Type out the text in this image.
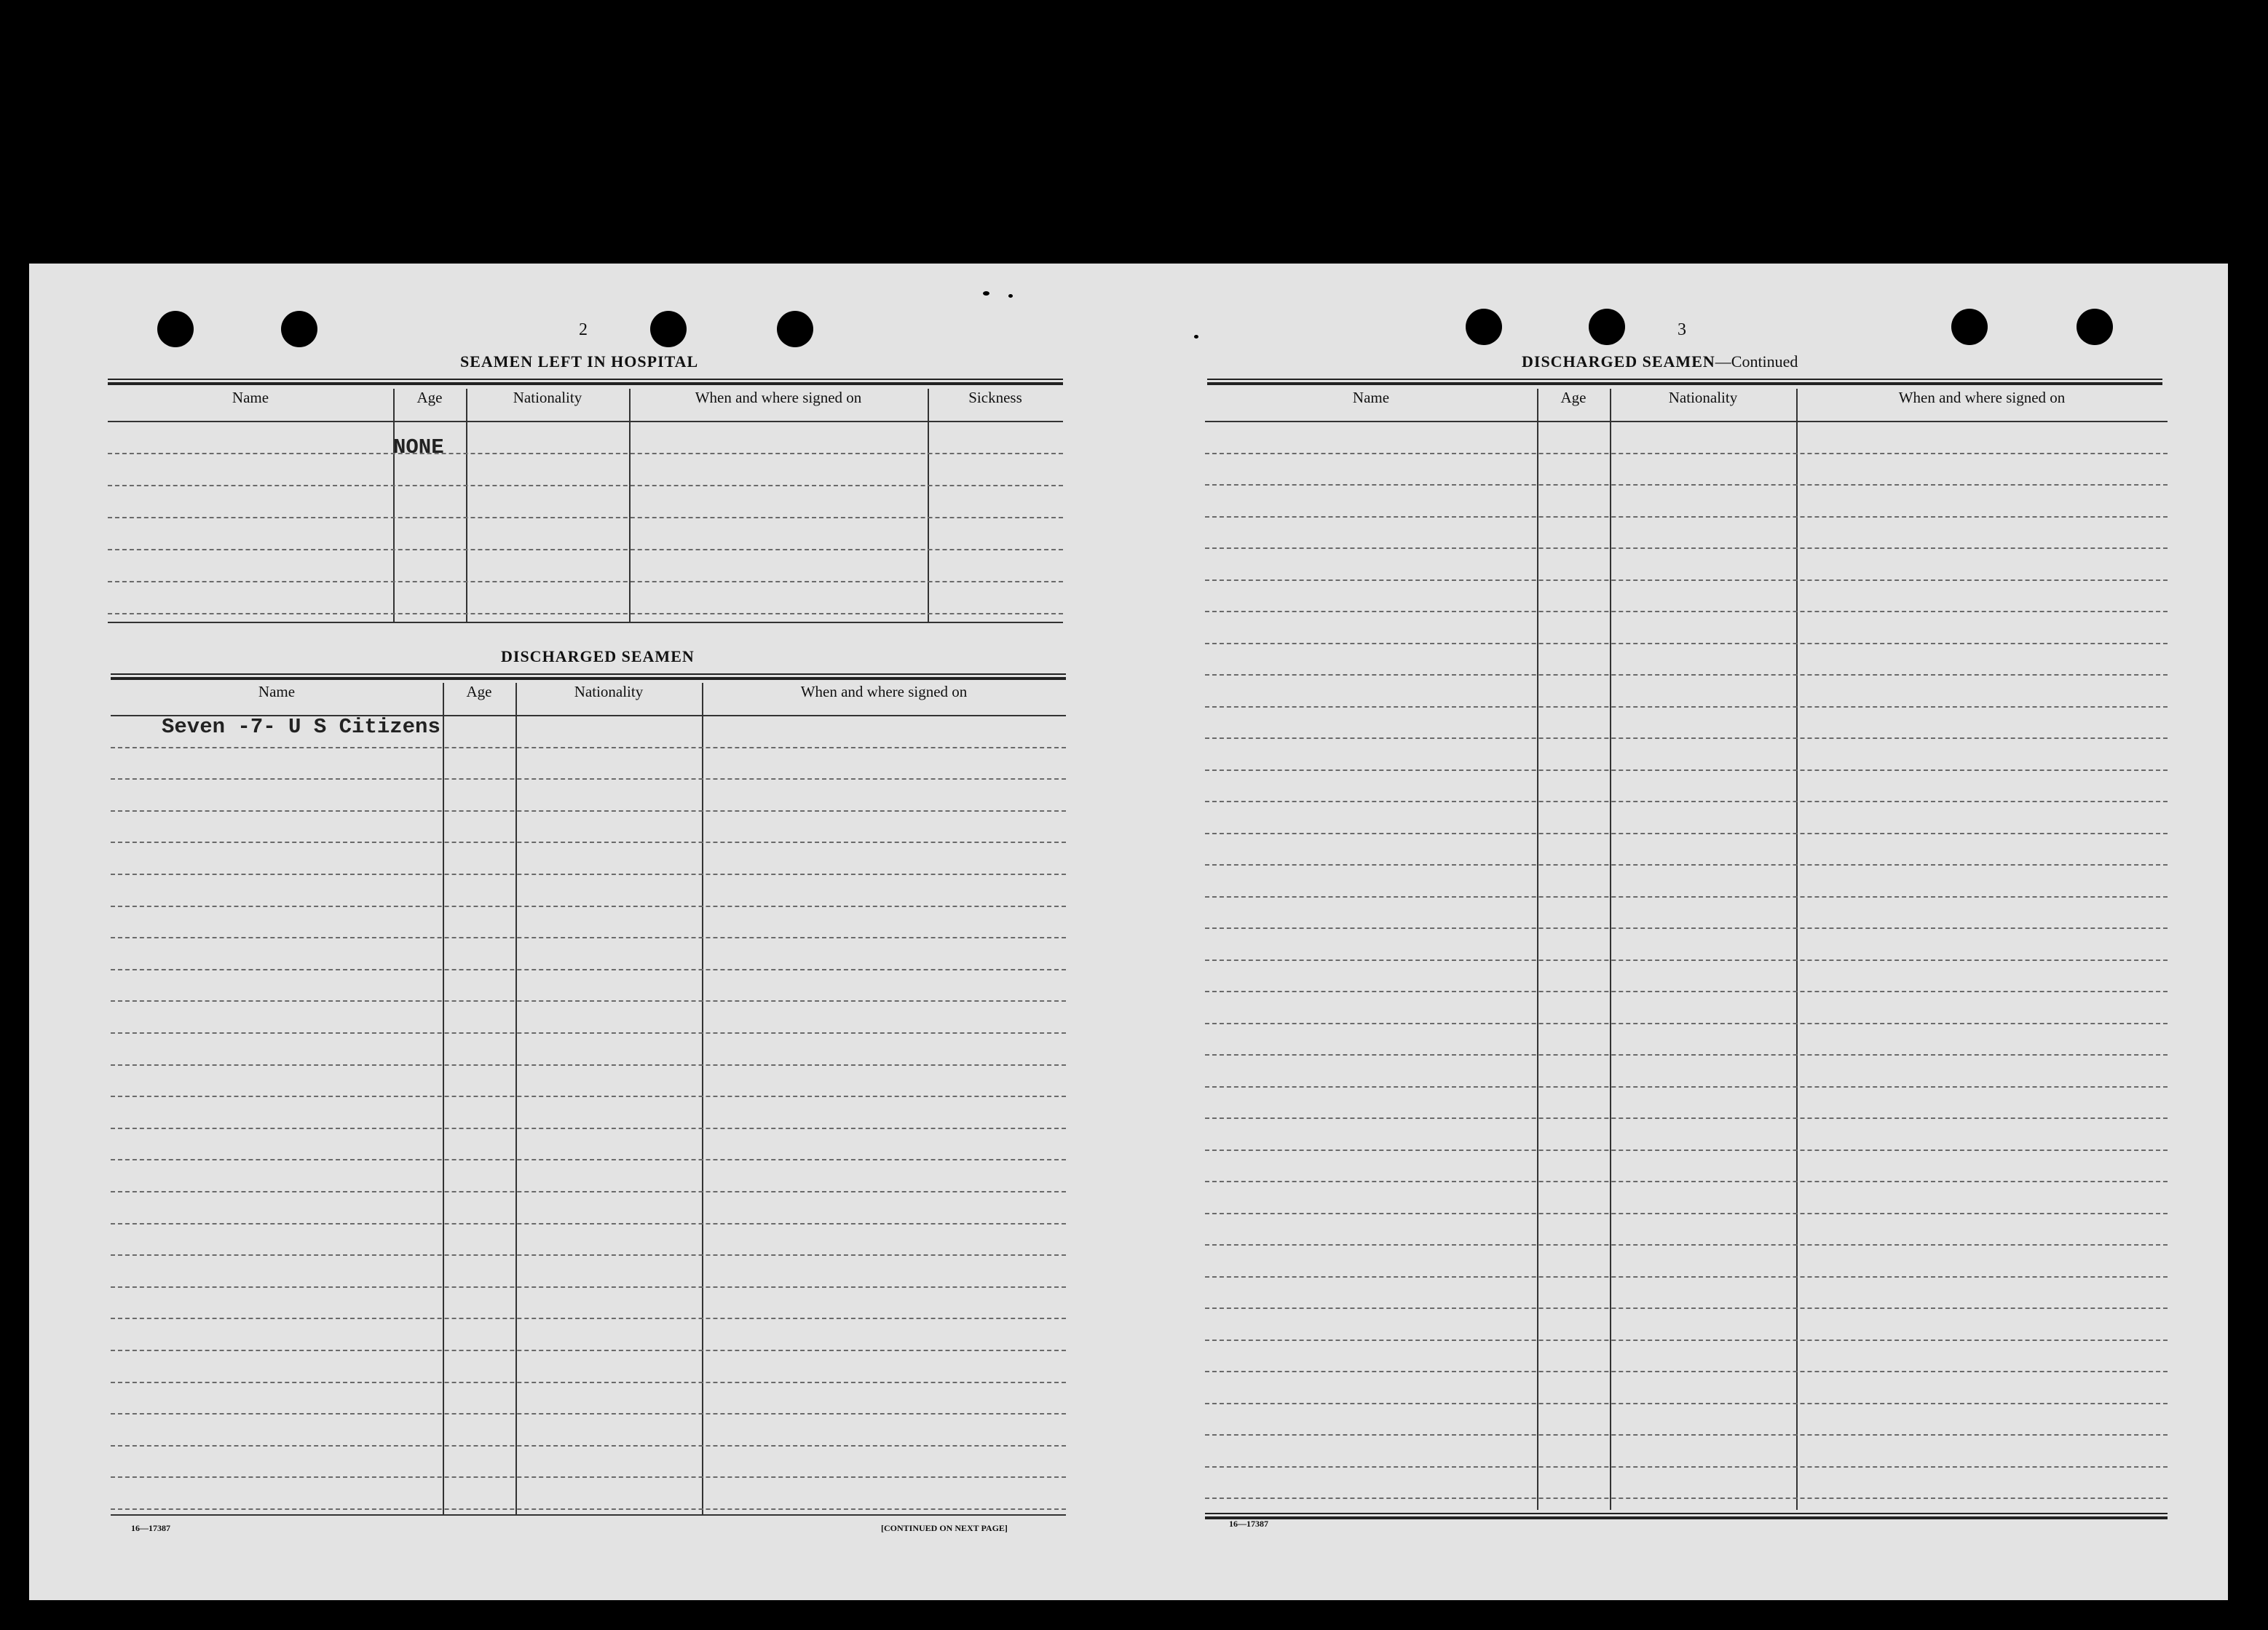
2
SEAMEN LEFT IN HOSPITAL
Name	Age	Nationality	When and where signed on	Sickness
NONE
DISCHARGED SEAMEN
Name	Age	Nationality	When and where signed on
Seven -7- U S Citizens
16—17387	[CONTINUED ON NEXT PAGE]
3
DISCHARGED SEAMEN—Continued
Name	Age	Nationality	When and where signed on
16—17387
